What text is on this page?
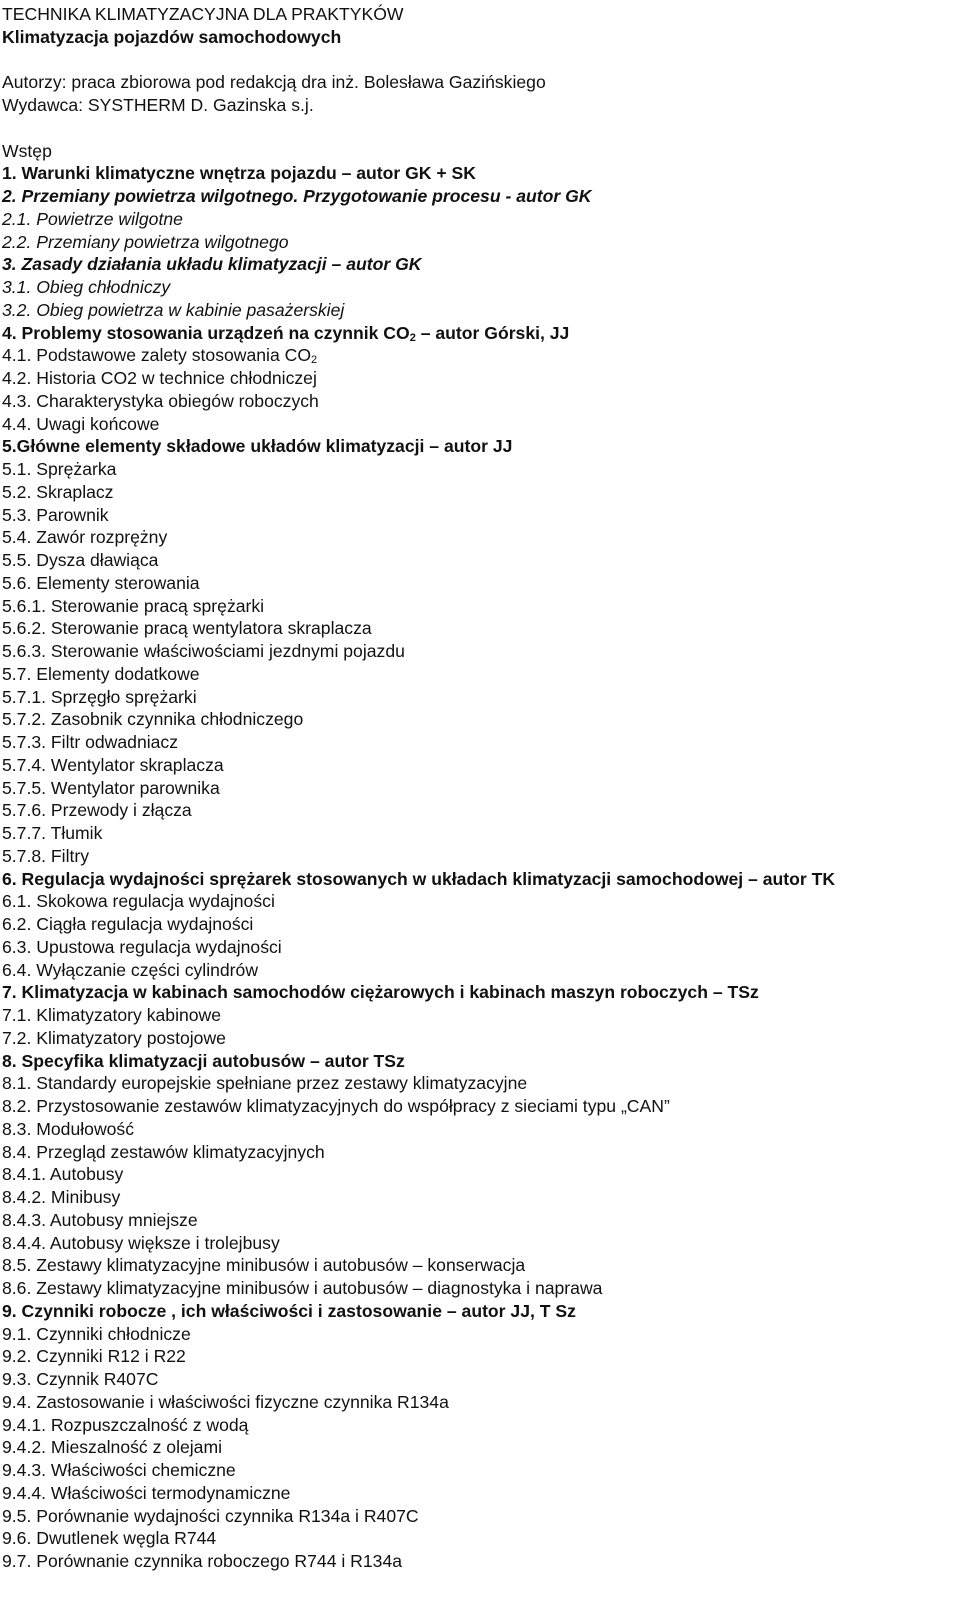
TECHNIKA KLIMATYZACYJNA DLA PRAKTYKÓW
Klimatyzacja pojazdów samochodowych
Autorzy: praca zbiorowa pod redakcją dra inż. Bolesława Gazińskiego
Wydawca: SYSTHERM D. Gazinska s.j.
Wstęp
1. Warunki klimatyczne wnętrza pojazdu – autor GK + SK
2. Przemiany powietrza wilgotnego. Przygotowanie procesu - autor GK
2.1. Powietrze wilgotne
2.2. Przemiany powietrza wilgotnego
3. Zasady działania układu klimatyzacji – autor GK
3.1. Obieg chłodniczy
3.2. Obieg powietrza w kabinie pasażerskiej
4. Problemy stosowania urządzeń na czynnik $CO_2$ – autor Górski, JJ
4.1. Podstawowe zalety stosowania $CO_2$
4.2. Historia CO2 w technice chłodniczej
4.3. Charakterystyka obiegów roboczych
4.4. Uwagi końcowe
5.Główne elementy składowe układów klimatyzacji – autor JJ
5.1. Sprężarka
5.2. Skraplacz
5.3. Parownik
5.4. Zawór rozprężny
5.5. Dysza dławiąca
5.6. Elementy sterowania
5.6.1. Sterowanie pracą sprężarki
5.6.2. Sterowanie pracą wentylatora skraplacza
5.6.3. Sterowanie właściwościami jezdnymi pojazdu
5.7. Elementy dodatkowe
5.7.1. Sprzęgło sprężarki
5.7.2. Zasobnik czynnika chłodniczego
5.7.3. Filtr odwadniacz
5.7.4. Wentylator skraplacza
5.7.5. Wentylator parownika
5.7.6. Przewody i złącza
5.7.7. Tłumik
5.7.8. Filtry
6. Regulacja wydajności sprężarek stosowanych w układach klimatyzacji samochodowej – autor TK
6.1. Skokowa regulacja wydajności
6.2. Ciągła regulacja wydajności
6.3. Upustowa regulacja wydajności
6.4. Wyłączanie części cylindrów
7. Klimatyzacja w kabinach samochodów ciężarowych i kabinach maszyn roboczych – TSz
7.1. Klimatyzatory kabinowe
7.2. Klimatyzatory postojowe
8. Specyfika klimatyzacji autobusów – autor TSz
8.1. Standardy europejskie spełniane przez zestawy klimatyzacyjne
8.2. Przystosowanie zestawów klimatyzacyjnych do współpracy z sieciami typu „CAN”
8.3. Modułowość
8.4. Przegląd zestawów klimatyzacyjnych
8.4.1. Autobusy
8.4.2. Minibusy
8.4.3. Autobusy mniejsze
8.4.4. Autobusy większe i trolejbusy
8.5. Zestawy klimatyzacyjne minibusów i autobusów – konserwacja
8.6. Zestawy klimatyzacyjne minibusów i autobusów – diagnostyka i naprawa
9. Czynniki robocze , ich właściwości i zastosowanie – autor JJ, T Sz
9.1. Czynniki chłodnicze
9.2. Czynniki R12 i R22
9.3. Czynnik R407C
9.4. Zastosowanie i właściwości fizyczne czynnika R134a
9.4.1. Rozpuszczalność z wodą
9.4.2. Mieszalność z olejami
9.4.3. Właściwości chemiczne
9.4.4. Właściwości termodynamiczne
9.5. Porównanie wydajności czynnika R134a i R407C
9.6. Dwutlenek węgla R744
9.7. Porównanie czynnika roboczego R744 i R134a
